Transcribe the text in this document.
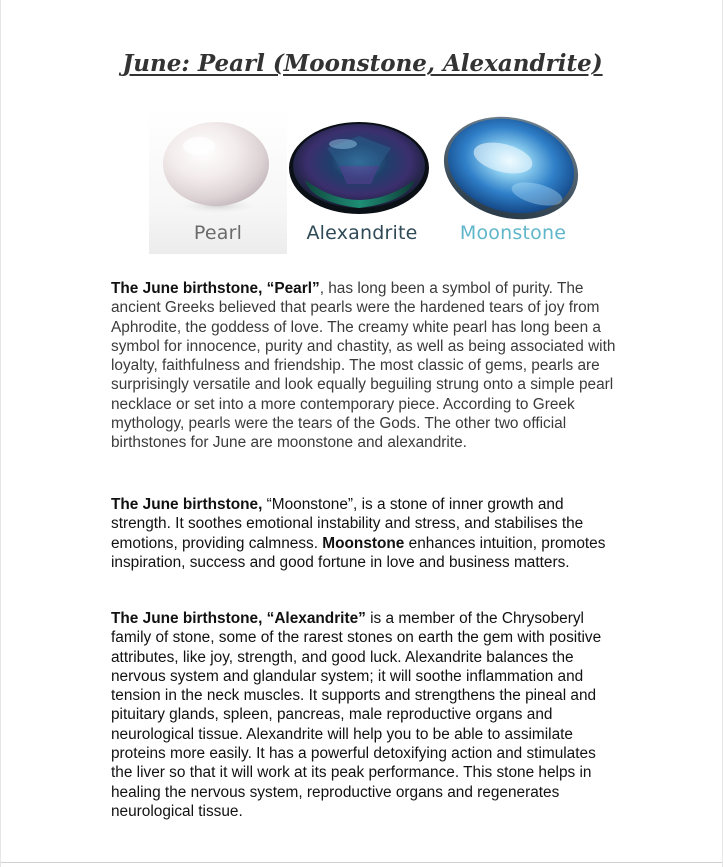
June: Pearl (Moonstone, Alexandrite)
Pearl	Alexandrite	Moonstone
The June birthstone, “Pearl”, has long been a symbol of purity. The ancient Greeks believed that pearls were the hardened tears of joy from Aphrodite, the goddess of love. The creamy white pearl has long been a symbol for innocence, purity and chastity, as well as being associated with loyalty, faithfulness and friendship. The most classic of gems, pearls are surprisingly versatile and look equally beguiling strung onto a simple pearl necklace or set into a more contemporary piece. According to Greek mythology, pearls were the tears of the Gods. The other two official birthstones for June are moonstone and alexandrite.
The June birthstone, “Moonstone”, is a stone of inner growth and strength. It soothes emotional instability and stress, and stabilises the emotions, providing calmness. Moonstone enhances intuition, promotes inspiration, success and good fortune in love and business matters.
The June birthstone, “Alexandrite” is a member of the Chrysoberyl family of stone, some of the rarest stones on earth the gem with positive attributes, like joy, strength, and good luck. Alexandrite balances the nervous system and glandular system; it will soothe inflammation and tension in the neck muscles. It supports and strengthens the pineal and pituitary glands, spleen, pancreas, male reproductive organs and neurological tissue. Alexandrite will help you to be able to assimilate proteins more easily. It has a powerful detoxifying action and stimulates the liver so that it will work at its peak performance. This stone helps in healing the nervous system, reproductive organs and regenerates neurological tissue.
